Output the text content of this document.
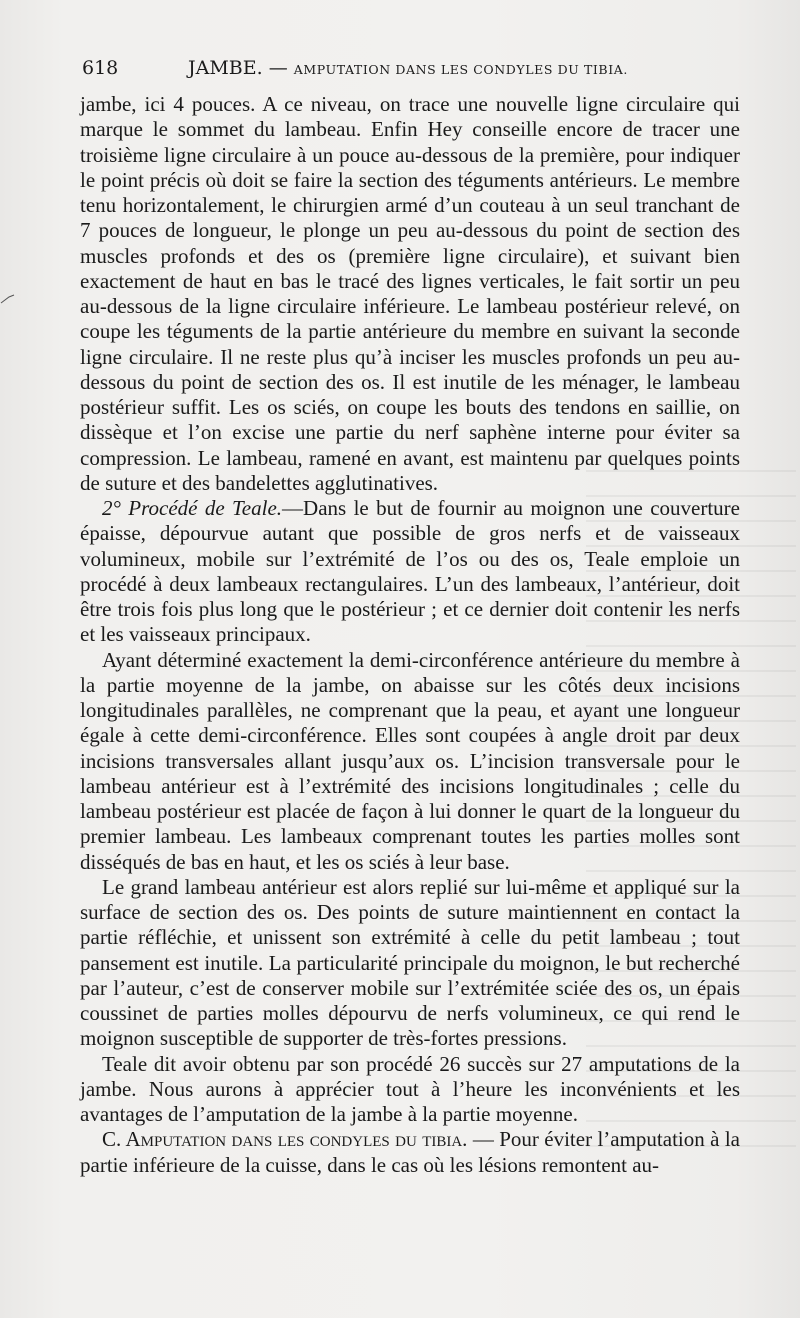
618	JAMBE. — AMPUTATION DANS LES CONDYLES DU TIBIA.

jambe, ici 4 pouces. A ce niveau, on trace une nouvelle ligne circulaire qui marque le sommet du lambeau. Enfin Hey conseille encore de tracer une troisième ligne circulaire à un pouce au-dessous de la première, pour indiquer le point précis où doit se faire la section des téguments antérieurs. Le membre tenu horizontalement, le chirurgien armé d’un couteau à un seul tranchant de 7 pouces de longueur, le plonge un peu au-dessous du point de section des muscles profonds et des os (première ligne circulaire), et suivant bien exactement de haut en bas le tracé des lignes verticales, le fait sortir un peu au-dessous de la ligne circulaire inférieure. Le lambeau postérieur relevé, on coupe les téguments de la partie antérieure du membre en suivant la seconde ligne circulaire. Il ne reste plus qu’à inciser les muscles profonds un peu au-dessous du point de section des os. Il est inutile de les ménager, le lambeau postérieur suffit. Les os sciés, on coupe les bouts des tendons en saillie, on dissèque et l’on excise une partie du nerf saphène interne pour éviter sa compression. Le lambeau, ramené en avant, est maintenu par quelques points de suture et des bandelettes agglutinatives.

2° Procédé de Teale.—Dans le but de fournir au moignon une couverture épaisse, dépourvue autant que possible de gros nerfs et de vaisseaux volumineux, mobile sur l’extrémité de l’os ou des os, Teale emploie un procédé à deux lambeaux rectangulaires. L’un des lambeaux, l’antérieur, doit être trois fois plus long que le postérieur ; et ce dernier doit contenir les nerfs et les vaisseaux principaux.

Ayant déterminé exactement la demi-circonférence antérieure du membre à la partie moyenne de la jambe, on abaisse sur les côtés deux incisions longitudinales parallèles, ne comprenant que la peau, et ayant une longueur égale à cette demi-circonférence. Elles sont coupées à angle droit par deux incisions transversales allant jusqu’aux os. L’incision transversale pour le lambeau antérieur est à l’extrémité des incisions longitudinales ; celle du lambeau postérieur est placée de façon à lui donner le quart de la longueur du premier lambeau. Les lambeaux comprenant toutes les parties molles sont disséqués de bas en haut, et les os sciés à leur base.

Le grand lambeau antérieur est alors replié sur lui-même et appliqué sur la surface de section des os. Des points de suture maintiennent en contact la partie réfléchie, et unissent son extrémité à celle du petit lambeau ; tout pansement est inutile. La particularité principale du moignon, le but recherché par l’auteur, c’est de conserver mobile sur l’extrémitée sciée des os, un épais coussinet de parties molles dépourvu de nerfs volumineux, ce qui rend le moignon susceptible de supporter de très-fortes pressions.

Teale dit avoir obtenu par son procédé 26 succès sur 27 amputations de la jambe. Nous aurons à apprécier tout à l’heure les inconvénients et les avantages de l’amputation de la jambe à la partie moyenne.

C. Amputation dans les condyles du tibia. — Pour éviter l’amputation à la partie inférieure de la cuisse, dans le cas où les lésions remontent au-
